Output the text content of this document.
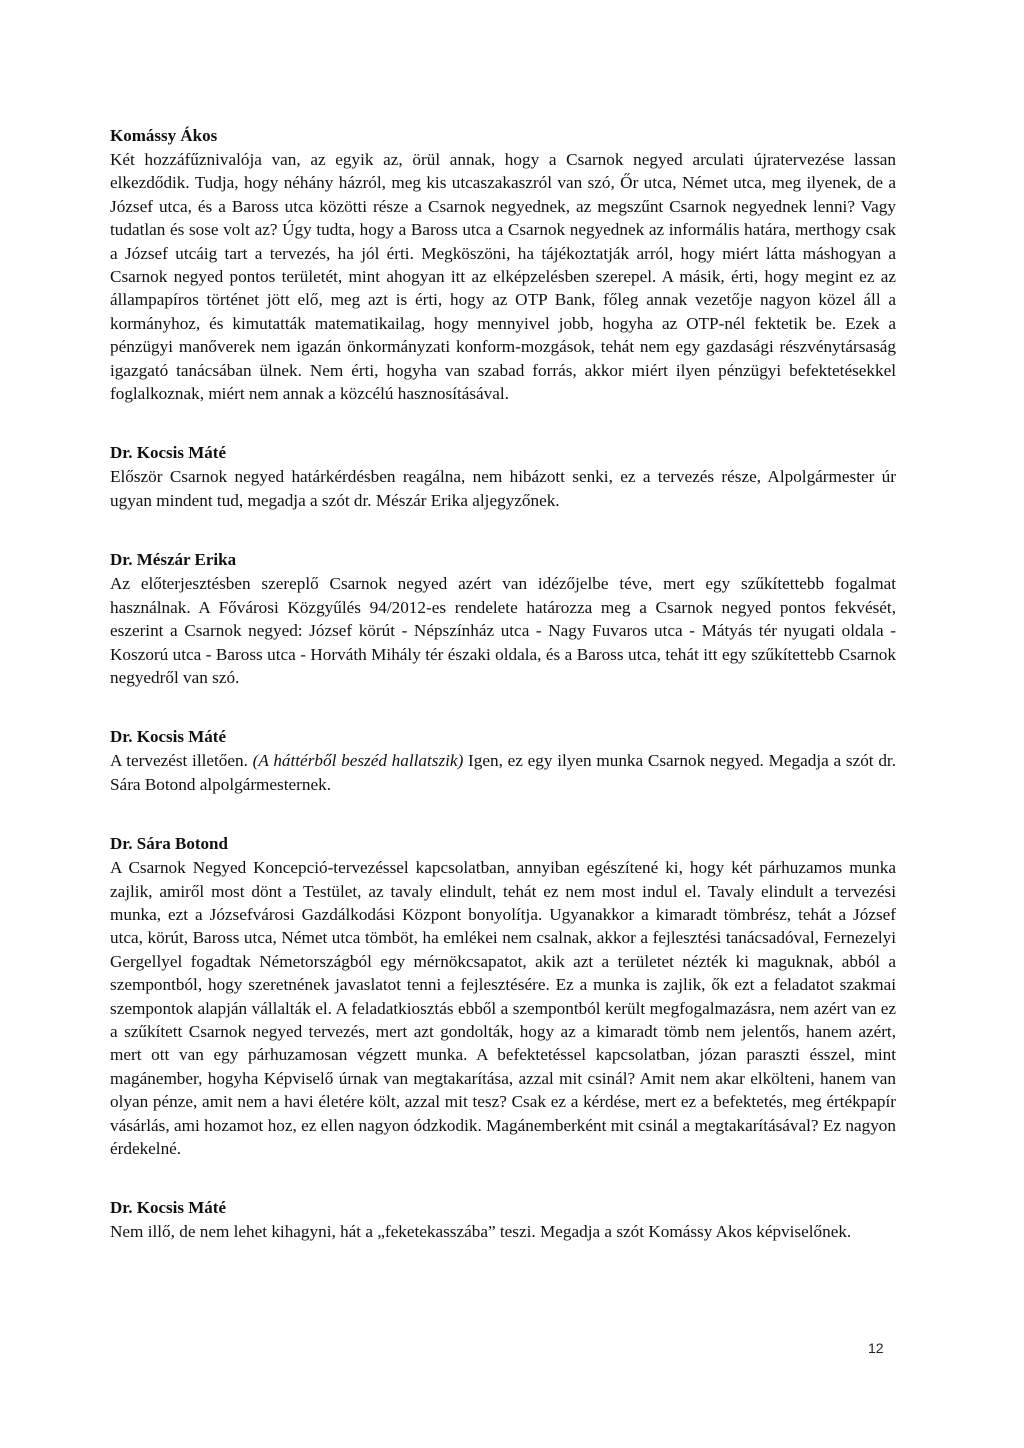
Komássy Ákos

Két hozzáfűznivalója van, az egyik az, örül annak, hogy a Csarnok negyed arculati újratervezése lassan elkezdődik. Tudja, hogy néhány házról, meg kis utcaszakaszról van szó, Őr utca, Német utca, meg ilyenek, de a József utca, és a Baross utca közötti része a Csarnok negyednek, az megszűnt Csarnok negyednek lenni? Vagy tudatlan és sose volt az? Úgy tudta, hogy a Baross utca a Csarnok negyednek az informális határa, merthogy csak a József utcáig tart a tervezés, ha jól érti. Megköszöni, ha tájékoztatják arról, hogy miért látta máshogyan a Csarnok negyed pontos területét, mint ahogyan itt az elképzelésben szerepel. A másik, érti, hogy megint ez az állampapíros történet jött elő, meg azt is érti, hogy az OTP Bank, főleg annak vezetője nagyon közel áll a kormányhoz, és kimutatták matematikailag, hogy mennyivel jobb, hogyha az OTP-nél fektetik be. Ezek a pénzügyi manőverek nem igazán önkormányzati konform-mozgások, tehát nem egy gazdasági részvénytársaság igazgató tanácsában ülnek. Nem érti, hogyha van szabad forrás, akkor miért ilyen pénzügyi befektetésekkel foglalkoznak, miért nem annak a közcélú hasznosításával.

Dr. Kocsis Máté

Először Csarnok negyed határkérdésben reagálna, nem hibázott senki, ez a tervezés része, Alpolgármester úr ugyan mindent tud, megadja a szót dr. Mészár Erika aljegyzőnek.

Dr. Mészár Erika

Az előterjesztésben szereplő Csarnok negyed azért van idézőjelbe téve, mert egy szűkítettebb fogalmat használnak. A Fővárosi Közgyűlés 94/2012-es rendelete határozza meg a Csarnok negyed pontos fekvését, eszerint a Csarnok negyed: József körút - Népszínház utca - Nagy Fuvaros utca - Mátyás tér nyugati oldala - Koszorú utca - Baross utca - Horváth Mihály tér északi oldala, és a Baross utca, tehát itt egy szűkítettebb Csarnok negyedről van szó.

Dr. Kocsis Máté

A tervezést illetően. (A háttérből beszéd hallatszik) Igen, ez egy ilyen munka Csarnok negyed. Megadja a szót dr. Sára Botond alpolgármesternek.

Dr. Sára Botond

A Csarnok Negyed Koncepció-tervezéssel kapcsolatban, annyiban egészítené ki, hogy két párhuzamos munka zajlik, amiről most dönt a Testület, az tavaly elindult, tehát ez nem most indul el. Tavaly elindult a tervezési munka, ezt a Józsefvárosi Gazdálkodási Központ bonyolítja. Ugyanakkor a kimaradt tömbrész, tehát a József utca, körút, Baross utca, Német utca tömböt, ha emlékei nem csalnak, akkor a fejlesztési tanácsadóval, Fernezelyi Gergellyel fogadtak Németországból egy mérnökcsapatot, akik azt a területet nézték ki maguknak, abból a szempontból, hogy szeretnének javaslatot tenni a fejlesztésére. Ez a munka is zajlik, ők ezt a feladatot szakmai szempontok alapján vállalták el. A feladatkiosztás ebből a szempontból került megfogalmazásra, nem azért van ez a szűkített Csarnok negyed tervezés, mert azt gondolták, hogy az a kimaradt tömb nem jelentős, hanem azért, mert ott van egy párhuzamosan végzett munka. A befektetéssel kapcsolatban, józan paraszti ésszel, mint magánember, hogyha Képviselő úrnak van megtakarítása, azzal mit csinál? Amit nem akar elkölteni, hanem van olyan pénze, amit nem a havi életére költ, azzal mit tesz? Csak ez a kérdése, mert ez a befektetés, meg értékpapír vásárlás, ami hozamot hoz, ez ellen nagyon ódzkodik. Magánemberként mit csinál a megtakarításával? Ez nagyon érdekelné.

Dr. Kocsis Máté

Nem illő, de nem lehet kihagyni, hát a „feketekasszába” teszi. Megadja a szót Komássy Akos képviselőnek.

12
